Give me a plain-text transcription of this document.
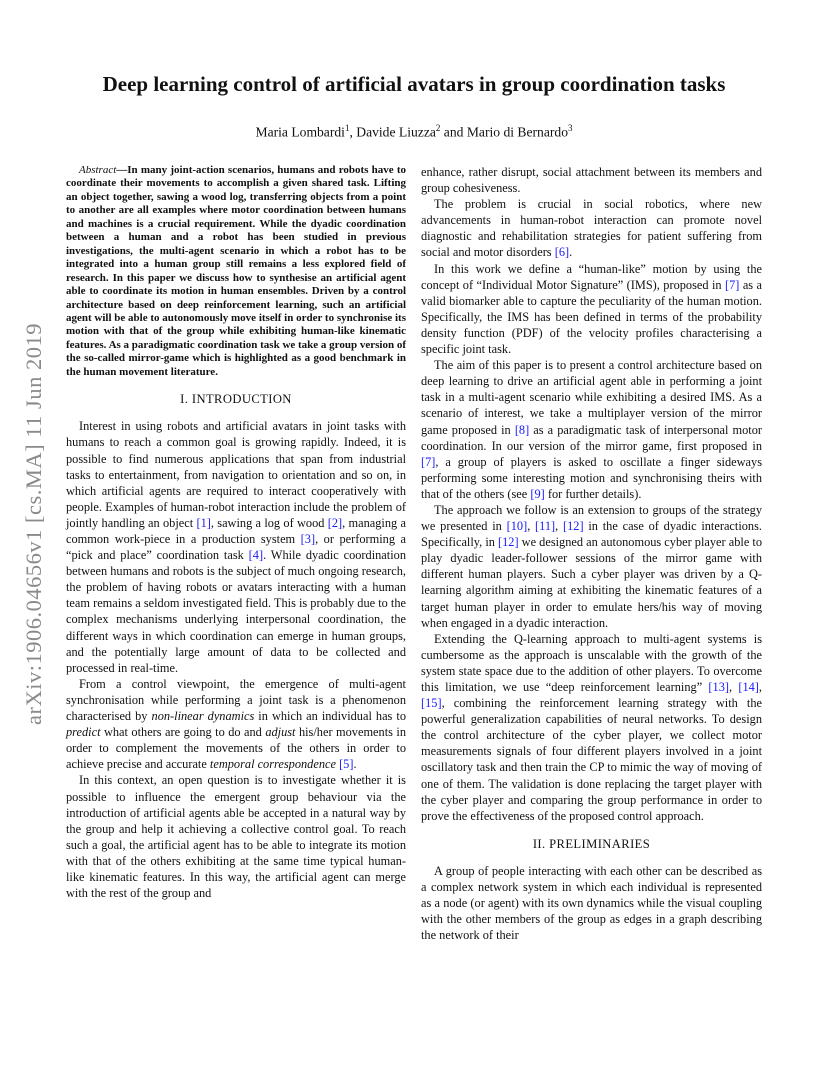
arXiv:1906.04656v1 [cs.MA] 11 Jun 2019
Deep learning control of artificial avatars in group coordination tasks
Maria Lombardi$^1$, Davide Liuzza$^2$ and Mario di Bernardo$^3$

Abstract—In many joint-action scenarios, humans and robots have to coordinate their movements to accomplish a given shared task. Lifting an object together, sawing a wood log, transferring objects from a point to another are all examples where motor coordination between humans and machines is a crucial requirement. While the dyadic coordination between a human and a robot has been studied in previous investigations, the multi-agent scenario in which a robot has to be integrated into a human group still remains a less explored field of research. In this paper we discuss how to synthesise an artificial agent able to coordinate its motion in human ensembles. Driven by a control architecture based on deep reinforcement learning, such an artificial agent will be able to autonomously move itself in order to synchronise its motion with that of the group while exhibiting human-like kinematic features. As a paradigmatic coordination task we take a group version of the so-called mirror-game which is highlighted as a good benchmark in the human movement literature.

I. INTRODUCTION

Interest in using robots and artificial avatars in joint tasks with humans to reach a common goal is growing rapidly. Indeed, it is possible to find numerous applications that span from industrial tasks to entertainment, from navigation to orientation and so on, in which artificial agents are required to interact cooperatively with people. Examples of human-robot interaction include the problem of jointly handling an object [1], sawing a log of wood [2], managing a common work-piece in a production system [3], or performing a “pick and place” coordination task [4]. While dyadic coordination between humans and robots is the subject of much ongoing research, the problem of having robots or avatars interacting with a human team remains a seldom investigated field. This is probably due to the complex mechanisms underlying interpersonal coordination, the different ways in which coordination can emerge in human groups, and the potentially large amount of data to be collected and processed in real-time.

From a control viewpoint, the emergence of multi-agent synchronisation while performing a joint task is a phenomenon characterised by non-linear dynamics in which an individual has to predict what others are going to do and adjust his/her movements in order to complement the movements of the others in order to achieve precise and accurate temporal correspondence [5].

In this context, an open question is to investigate whether it is possible to influence the emergent group behaviour via the introduction of artificial agents able be accepted in a natural way by the group and help it achieving a collective control goal. To reach such a goal, the artificial agent has to be able to integrate its motion with that of the others exhibiting at the same time typical human-like kinematic features. In this way, the artificial agent can merge with the rest of the group and

enhance, rather disrupt, social attachment between its members and group cohesiveness.

The problem is crucial in social robotics, where new advancements in human-robot interaction can promote novel diagnostic and rehabilitation strategies for patient suffering from social and motor disorders [6].

In this work we define a “human-like” motion by using the concept of “Individual Motor Signature” (IMS), proposed in [7] as a valid biomarker able to capture the peculiarity of the human motion. Specifically, the IMS has been defined in terms of the probability density function (PDF) of the velocity profiles characterising a specific joint task.

The aim of this paper is to present a control architecture based on deep learning to drive an artificial agent able in performing a joint task in a multi-agent scenario while exhibiting a desired IMS. As a scenario of interest, we take a multiplayer version of the mirror game proposed in [8] as a paradigmatic task of interpersonal motor coordination. In our version of the mirror game, first proposed in [7], a group of players is asked to oscillate a finger sideways performing some interesting motion and synchronising theirs with that of the others (see [9] for further details).

The approach we follow is an extension to groups of the strategy we presented in [10], [11], [12] in the case of dyadic interactions. Specifically, in [12] we designed an autonomous cyber player able to play dyadic leader-follower sessions of the mirror game with different human players. Such a cyber player was driven by a Q-learning algorithm aiming at exhibiting the kinematic features of a target human player in order to emulate hers/his way of moving when engaged in a dyadic interaction.

Extending the Q-learning approach to multi-agent systems is cumbersome as the approach is unscalable with the growth of the system state space due to the addition of other players. To overcome this limitation, we use “deep reinforcement learning” [13], [14], [15], combining the reinforcement learning strategy with the powerful generalization capabilities of neural networks. To design the control architecture of the cyber player, we collect motor measurements signals of four different players involved in a joint oscillatory task and then train the CP to mimic the way of moving of one of them. The validation is done replacing the target player with the cyber player and comparing the group performance in order to prove the effectiveness of the proposed control approach.

II. PRELIMINARIES

A group of people interacting with each other can be described as a complex network system in which each individual is represented as a node (or agent) with its own dynamics while the visual coupling with the other members of the group as edges in a graph describing the network of their
